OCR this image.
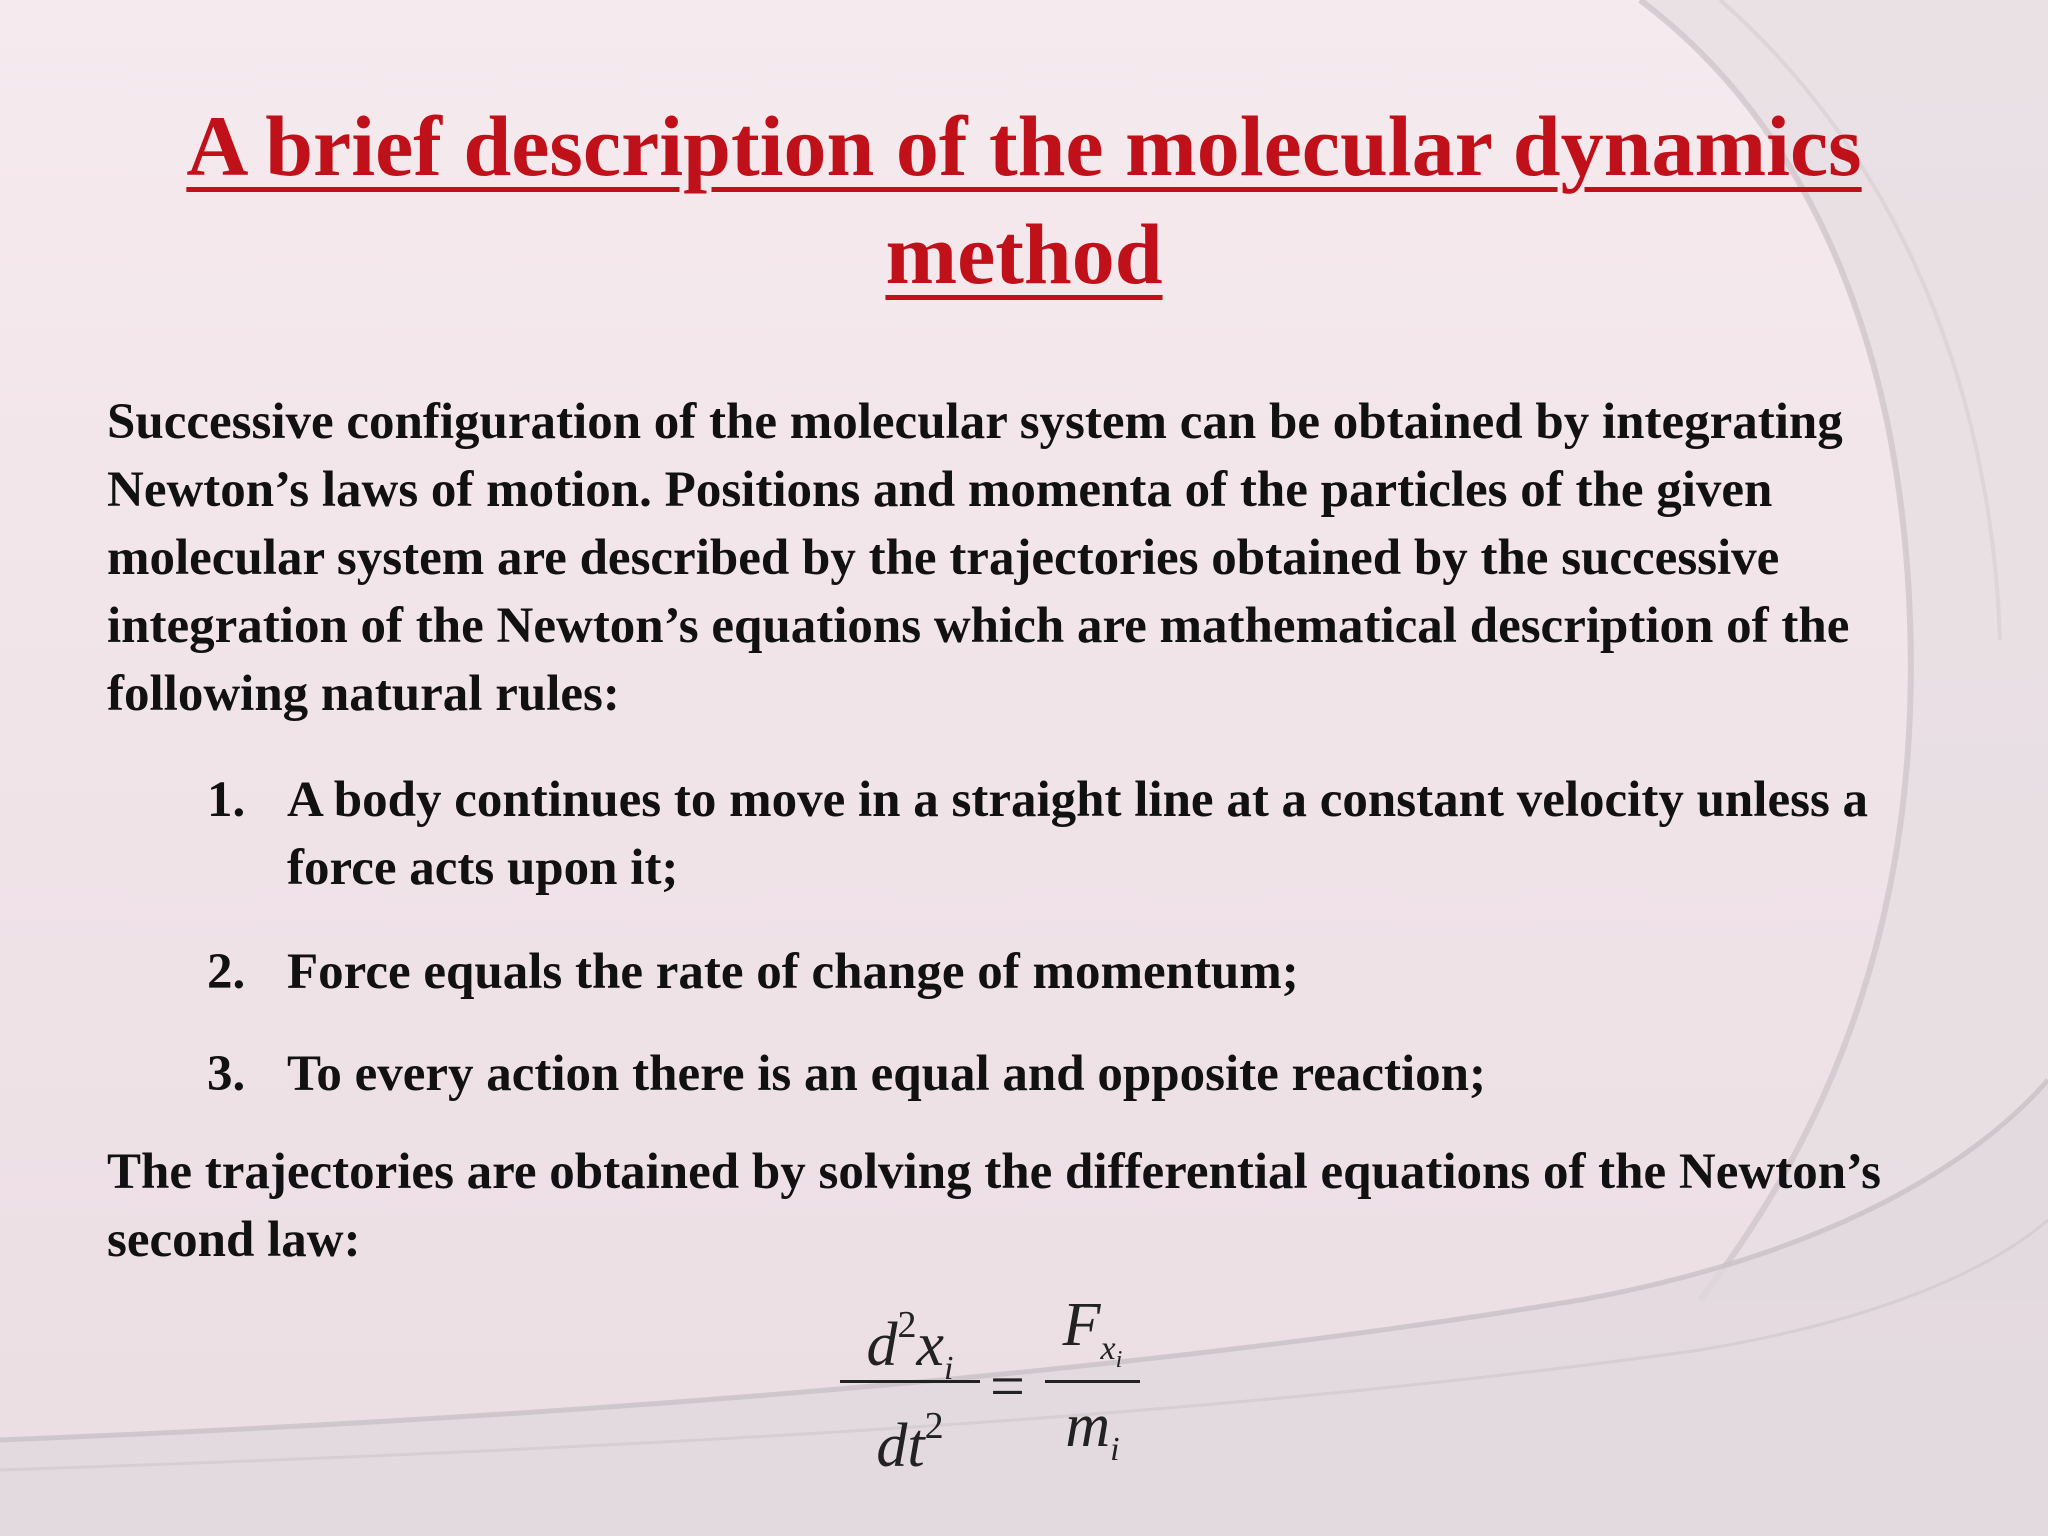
A brief description of the molecular dynamics method

Successive configuration of the molecular system can be obtained by integrating Newton’s laws of motion. Positions and momenta of the particles of the given molecular system are described by the trajectories obtained by the successive integration of the Newton’s equations which are mathematical description of the following natural rules:

1. A body continues to move in a straight line at a constant velocity unless a force acts upon it;
2. Force equals the rate of change of momentum;
3. To every action there is an equal and opposite reaction;

The trajectories are obtained by solving the differential equations of the Newton’s second law:

$d^2x_i$
$dt^2$
=
$F_{x_i}$
$m_i$
